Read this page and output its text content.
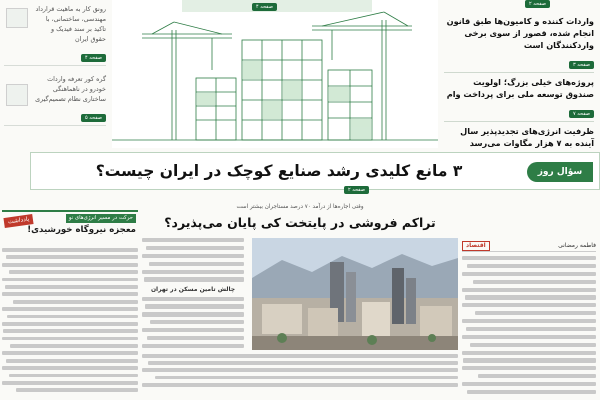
صفحه ۲
واردات کننده و کامیون‌ها طبق قانون انجام شده، قصور از سوی برخی واردکنندگان است
صفحه ۳
پروژه‌های خیلی بزرگ؛ اولویت صندوق توسعه ملی برای پرداخت وام
صفحه ۷
ظرفیت انرژی‌های تجدیدپذیر سال آینده به ۷ هزار مگاوات می‌رسد
صفحه ۴
رونق کار به ماهیت قرارداد مهندسی، ساختمانی، با تاکید بر سند فیدیک و حقوق ایران
صفحه ۴
گره کور تعرفه واردات خودرو در ناهماهنگی ساختاری نظام تصمیم‌گیری
صفحه ۵
سؤال روز
۳ مانع کلیدی رشد صنایع کوچک در ایران چیست؟
صفحه ۲
فاطمه رمضانی
اقتصاد
وقتی اجاره‌ها از درآمد ۷۰ درصد مستاجران بیشتر است
تراکم فروشی در پایتخت کی پایان می‌پذیرد؟
چالش تامین مسکن در تهران
حرکت در مسیر انرژی‌های نو
یادداشت
معجزه نیروگاه خورشیدی!
